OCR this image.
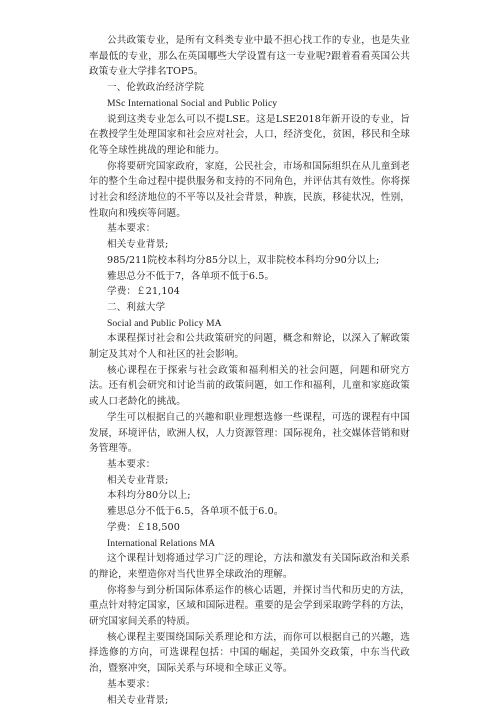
公共政策专业，是所有文科类专业中最不担心找工作的专业，也是失业率最低的专业，那么在英国哪些大学设置有这一专业呢?跟着看看英国公共政策专业大学排名TOP5。

一、伦敦政治经济学院

MSc International Social and Public Policy

说到这类专业怎么可以不提LSE。这是LSE2018年新开设的专业，旨在教授学生处理国家和社会应对社会，人口，经济变化，贫困，移民和全球化等全球性挑战的理论和能力。

你将要研究国家政府，家庭，公民社会，市场和国际组织在从儿童到老年的整个生命过程中提供服务和支持的不同角色，并评估其有效性。你将探讨社会和经济地位的不平等以及社会背景，种族，民族，移徒状况，性别，性取向和残疾等问题。

基本要求：

相关专业背景;

985/211院校本科均分85分以上，双非院校本科均分90分以上;

雅思总分不低于7，各单项不低于6.5。

学费：￡21,104

二、利兹大学

Social and Public Policy MA

本课程探讨社会和公共政策研究的问题，概念和辩论，以深入了解政策制定及其对个人和社区的社会影响。

核心课程在于探索与社会政策和福利相关的社会问题，问题和研究方法。还有机会研究和讨论当前的政策问题，如工作和福利，儿童和家庭政策或人口老龄化的挑战。

学生可以根据自己的兴趣和职业理想选修一些课程，可选的课程有中国发展，环境评估，欧洲人权，人力资源管理：国际视角，社交媒体营销和财务管理等。

基本要求：

相关专业背景;

本科均分80分以上;

雅思总分不低于6.5，各单项不低于6.0。

学费：￡18,500

International Relations MA

这个课程计划将通过学习广泛的理论，方法和激发有关国际政治和关系的辩论，来塑造你对当代世界全球政治的理解。

你将参与到分析国际体系运作的核心话题，并探讨当代和历史的方法，重点针对特定国家，区域和国际进程。重要的是会学到采取跨学科的方法，研究国家间关系的特质。

核心课程主要围绕国际关系理论和方法，而你可以根据自己的兴趣，选择选修的方向，可选课程包括：中国的崛起，美国外交政策，中东当代政治，暨察冲突，国际关系与环境和全球正义等。

基本要求：

相关专业背景;
